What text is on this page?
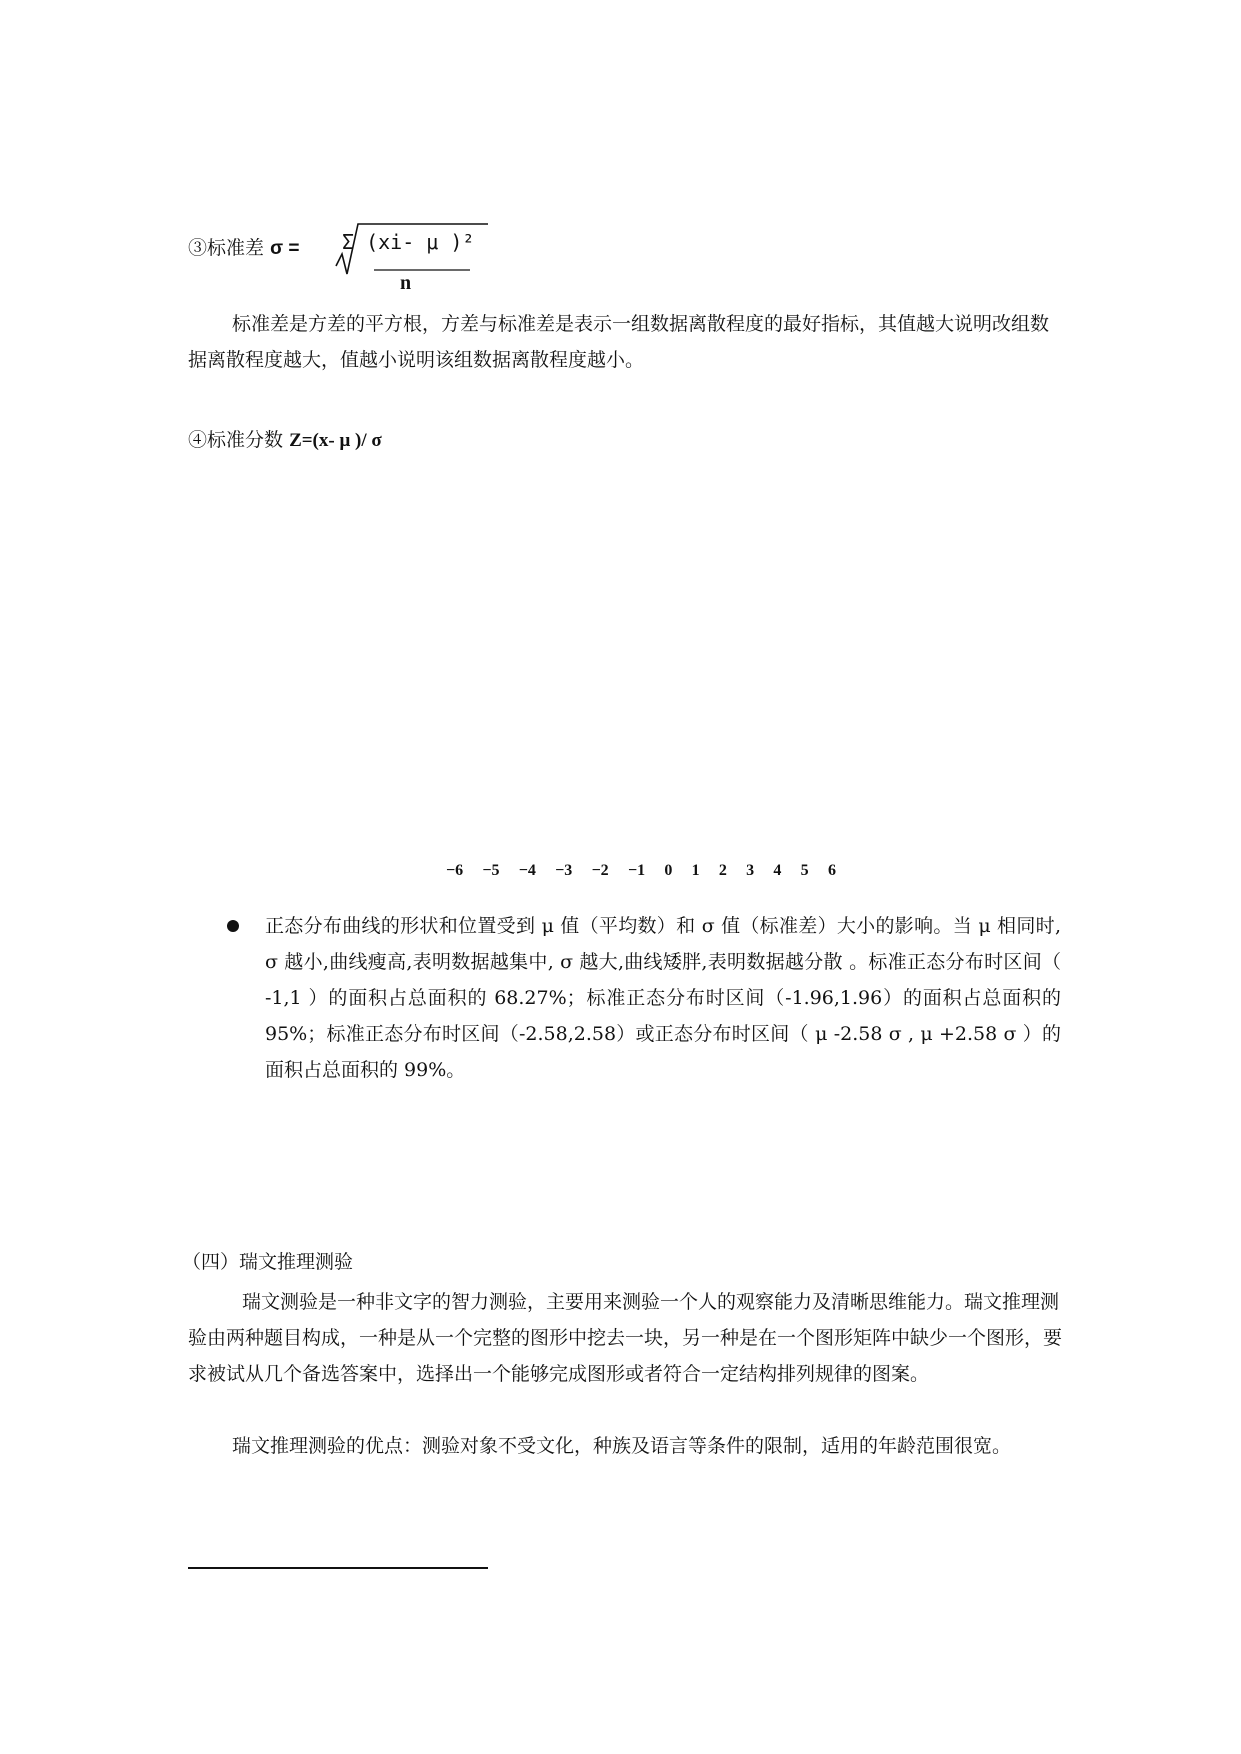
③标准差 σ = Σ (xi- μ )²
n
标准差是方差的平方根，方差与标准差是表示一组数据离散程度的最好指标，其值越大说明改组数据离散程度越大，值越小说明该组数据离散程度越小。
④标准分数 Z=(x- μ )/ σ
−6 −5 −4 −3 −2 −1 0 1 2 3 4 5 6
正态分布曲线的形状和位置受到 μ 值（平均数）和 σ 值（标准差）大小的影响。当 μ 相同时, σ 越小,曲线瘦高,表明数据越集中, σ 越大,曲线矮胖,表明数据越分散 。标准正态分布时区间（ -1,1 ）的面积占总面积的 68.27%；标准正态分布时区间（-1.96,1.96）的面积占总面积的 95%；标准正态分布时区间（-2.58,2.58）或正态分布时区间（ μ -2.58 σ , μ +2.58 σ ）的面积占总面积的 99%。
（四）瑞文推理测验
瑞文测验是一种非文字的智力测验，主要用来测验一个人的观察能力及清晰思维能力。瑞文推理测验由两种题目构成，一种是从一个完整的图形中挖去一块，另一种是在一个图形矩阵中缺少一个图形，要求被试从几个备选答案中，选择出一个能够完成图形或者符合一定结构排列规律的图案。
瑞文推理测验的优点：测验对象不受文化，种族及语言等条件的限制，适用的年龄范围很宽。
